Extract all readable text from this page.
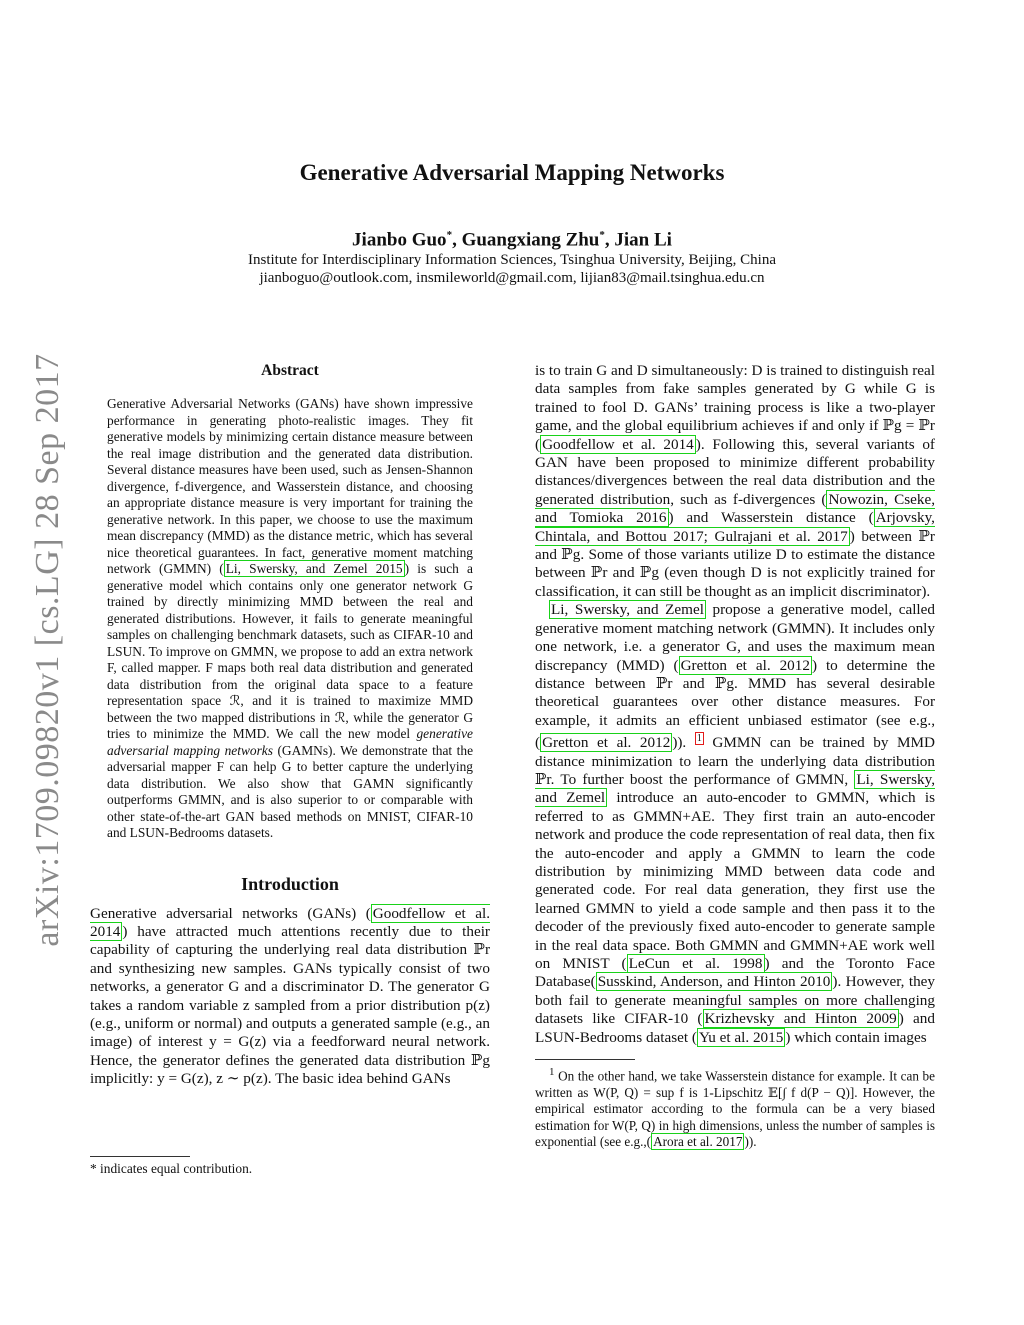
arXiv:1709.09820v1 [cs.LG] 28 Sep 2017
Generative Adversarial Mapping Networks
Jianbo Guo*, Guangxiang Zhu*, Jian Li
Institute for Interdisciplinary Information Sciences, Tsinghua University, Beijing, China
jianboguo@outlook.com, insmileworld@gmail.com, lijian83@mail.tsinghua.edu.cn
Abstract

Generative Adversarial Networks (GANs) have shown impressive performance in generating photo-realistic images. They fit generative models by minimizing certain distance measure between the real image distribution and the generated data distribution. Several distance measures have been used, such as Jensen-Shannon divergence, f-divergence, and Wasserstein distance, and choosing an appropriate distance measure is very important for training the generative network. In this paper, we choose to use the maximum mean discrepancy (MMD) as the distance metric, which has several nice theoretical guarantees. In fact, generative moment matching network (GMMN) ( Li, Swersky, and Zemel 2015 ) is such a generative model which contains only one generator network G trained by directly minimizing MMD between the real and generated distributions. However, it fails to generate meaningful samples on challenging benchmark datasets, such as CIFAR-10 and LSUN. To improve on GMMN, we propose to add an extra network F, called mapper. F maps both real data distribution and generated data distribution from the original data space to a feature representation space ℛ, and it is trained to maximize MMD between the two mapped distributions in ℛ, while the generator G tries to minimize the MMD. We call the new model generative adversarial mapping networks (GAMNs). We demonstrate that the adversarial mapper F can help G to better capture the underlying data distribution. We also show that GAMN significantly outperforms GMMN, and is also superior to or comparable with other state-of-the-art GAN based methods on MNIST, CIFAR-10 and LSUN-Bedrooms datasets.

Introduction

Generative adversarial networks (GANs) ( Goodfellow et al. 2014 ) have attracted much attentions recently due to their capability of capturing the underlying real data distribution ℙr and synthesizing new samples. GANs typically consist of two networks, a generator G and a discriminator D. The generator G takes a random variable z sampled from a prior distribution p(z) (e.g., uniform or normal) and outputs a generated sample (e.g., an image) of interest y = G(z) via a feedforward neural network. Hence, the generator defines the generated data distribution ℙg implicitly: y = G(z), z ∼ p(z). The basic idea behind GANs

* indicates equal contribution.

is to train G and D simultaneously: D is trained to distinguish real data samples from fake samples generated by G while G is trained to fool D. GANs’ training process is like a two-player game, and the global equilibrium achieves if and only if ℙg = ℙr ( Goodfellow et al. 2014 ). Following this, several variants of GAN have been proposed to minimize different probability distances/divergences between the real data distribution and the generated distribution, such as f-divergences ( Nowozin, Cseke, and Tomioka 2016 ) and Wasserstein distance ( Arjovsky, Chintala, and Bottou 2017; Gulrajani et al. 2017 ) between ℙr and ℙg. Some of those variants utilize D to estimate the distance between ℙr and ℙg (even though D is not explicitly trained for classification, it can still be thought as an implicit discriminator).

Li, Swersky, and Zemel propose a generative model, called generative moment matching network (GMMN). It includes only one network, i.e. a generator G, and uses the maximum mean discrepancy (MMD) ( Gretton et al. 2012 ) to determine the distance between ℙr and ℙg. MMD has several desirable theoretical guarantees over other distance measures. For example, it admits an efficient unbiased estimator (see e.g., ( Gretton et al. 2012 )). $^1$ GMMN can be trained by MMD distance minimization to learn the underlying data distribution ℙr. To further boost the performance of GMMN, Li, Swersky, and Zemel introduce an auto-encoder to GMMN, which is referred to as GMMN+AE. They first train an auto-encoder network and produce the code representation of real data, then fix the auto-encoder and apply a GMMN to learn the code distribution by minimizing MMD between data code and generated code. For real data generation, they first use the learned GMMN to yield a code sample and then pass it to the decoder of the previously fixed auto-encoder to generate sample in the real data space. Both GMMN and GMMN+AE work well on MNIST ( LeCun et al. 1998 ) and the Toronto Face Database( Susskind, Anderson, and Hinton 2010 ). However, they both fail to generate meaningful samples on more challenging datasets like CIFAR-10 ( Krizhevsky and Hinton 2009 ) and LSUN-Bedrooms dataset ( Yu et al. 2015 ) which contain images

$^1$ On the other hand, we take Wasserstein distance for example. It can be written as W(P, Q) = sup f is 1-Lipschitz 𝔼[∫ f d(P − Q)]. However, the empirical estimator according to the formula can be a very biased estimation for W(P, Q) in high dimensions, unless the number of samples is exponential (see e.g.,( Arora et al. 2017 )).
